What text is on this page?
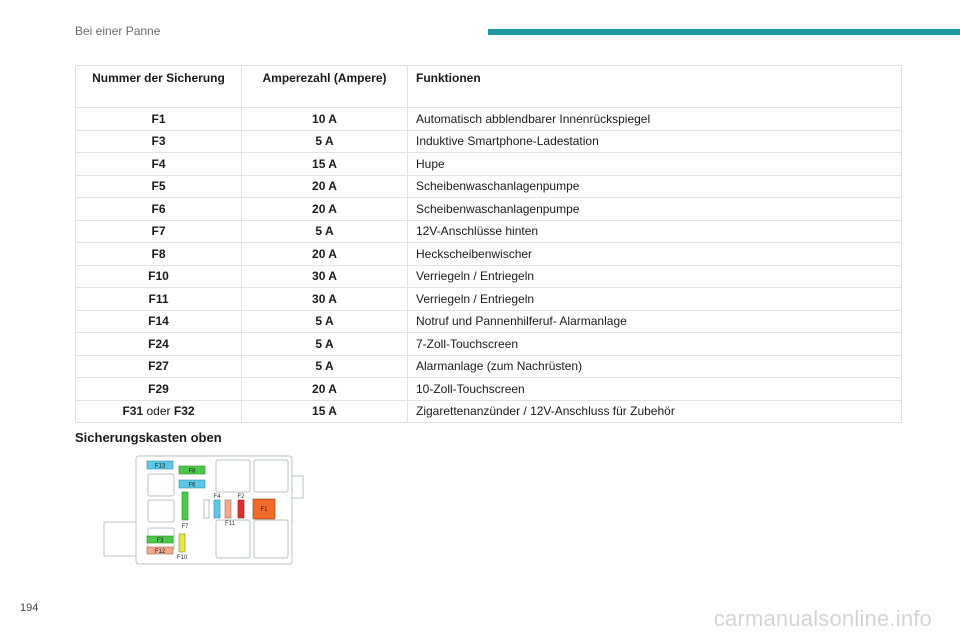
Bei einer Panne
Nummer der Sicherung	Amperezahl (Ampere)	Funktionen
F1	10 A	Automatisch abblendbarer Innenrückspiegel
F3	5 A	Induktive Smartphone-Ladestation
F4	15 A	Hupe
F5	20 A	Scheibenwaschanlagenpumpe
F6	20 A	Scheibenwaschanlagenpumpe
F7	5 A	12V-Anschlüsse hinten
F8	20 A	Heckscheibenwischer
F10	30 A	Verriegeln / Entriegeln
F11	30 A	Verriegeln / Entriegeln
F14	5 A	Notruf und Pannenhilferuf- Alarmanlage
F24	5 A	7-Zoll-Touchscreen
F27	5 A	Alarmanlage (zum Nachrüsten)
F29	20 A	10-Zoll-Touchscreen
F31 oder F32	15 A	Zigarettenanzünder / 12V-Anschluss für Zubehör
Sicherungskasten oben
F13
F8
F6
F7
F4	F2
F11
F1
F3
F12
F10
194	carmanualsonline.info
